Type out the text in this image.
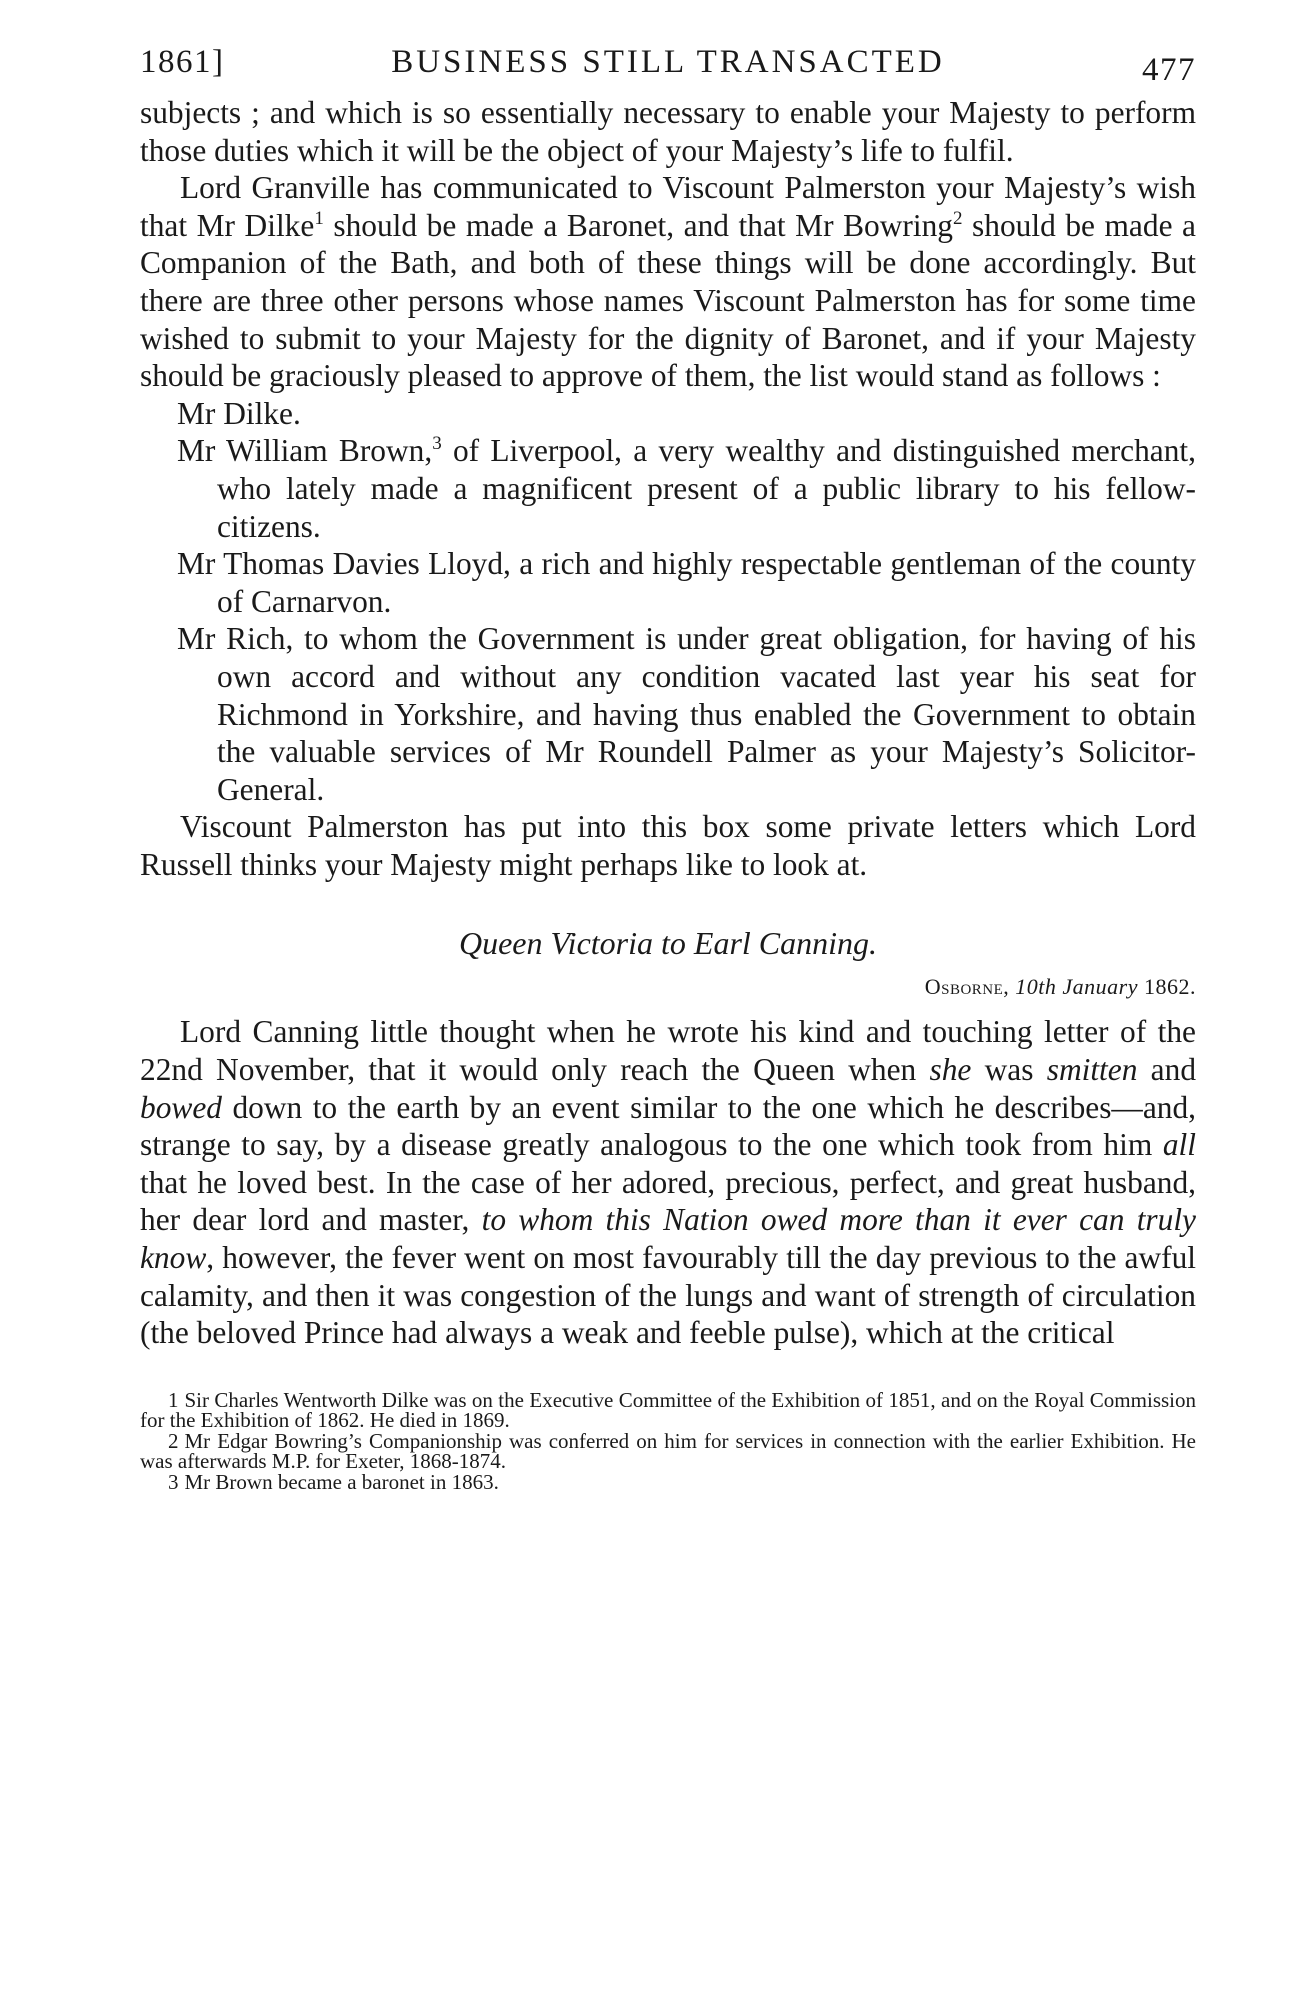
1861]	BUSINESS STILL TRANSACTED	477

subjects ; and which is so essentially necessary to enable your Majesty to perform those duties which it will be the object of your Majesty’s life to fulfil.

Lord Granville has communicated to Viscount Palmerston your Majesty’s wish that Mr Dilke$^1$ should be made a Baronet, and that Mr Bowring$^2$ should be made a Companion of the Bath, and both of these things will be done accordingly. But there are three other persons whose names Viscount Palmerston has for some time wished to submit to your Majesty for the dignity of Baronet, and if your Majesty should be graciously pleased to approve of them, the list would stand as follows :

Mr Dilke.

Mr William Brown,$^3$ of Liverpool, a very wealthy and distinguished merchant, who lately made a magnificent present of a public library to his fellow-citizens.

Mr Thomas Davies Lloyd, a rich and highly respectable gentleman of the county of Carnarvon.

Mr Rich, to whom the Government is under great obligation, for having of his own accord and without any condition vacated last year his seat for Richmond in Yorkshire, and having thus enabled the Government to obtain the valuable services of Mr Roundell Palmer as your Majesty’s Solicitor-General.

Viscount Palmerston has put into this box some private letters which Lord Russell thinks your Majesty might perhaps like to look at.

Queen Victoria to Earl Canning.
Osborne, 10th January 1862.

Lord Canning little thought when he wrote his kind and touching letter of the 22nd November, that it would only reach the Queen when she was smitten and bowed down to the earth by an event similar to the one which he describes—and, strange to say, by a disease greatly analogous to the one which took from him all that he loved best. In the case of her adored, precious, perfect, and great husband, her dear lord and master, to whom this Nation owed more than it ever can truly know, however, the fever went on most favourably till the day previous to the awful calamity, and then it was congestion of the lungs and want of strength of circulation (the beloved Prince had always a weak and feeble pulse), which at the critical

1 Sir Charles Wentworth Dilke was on the Executive Committee of the Exhibition of 1851, and on the Royal Commission for the Exhibition of 1862. He died in 1869.

2 Mr Edgar Bowring’s Companionship was conferred on him for services in connection with the earlier Exhibition. He was afterwards M.P. for Exeter, 1868-1874.

3 Mr Brown became a baronet in 1863.
